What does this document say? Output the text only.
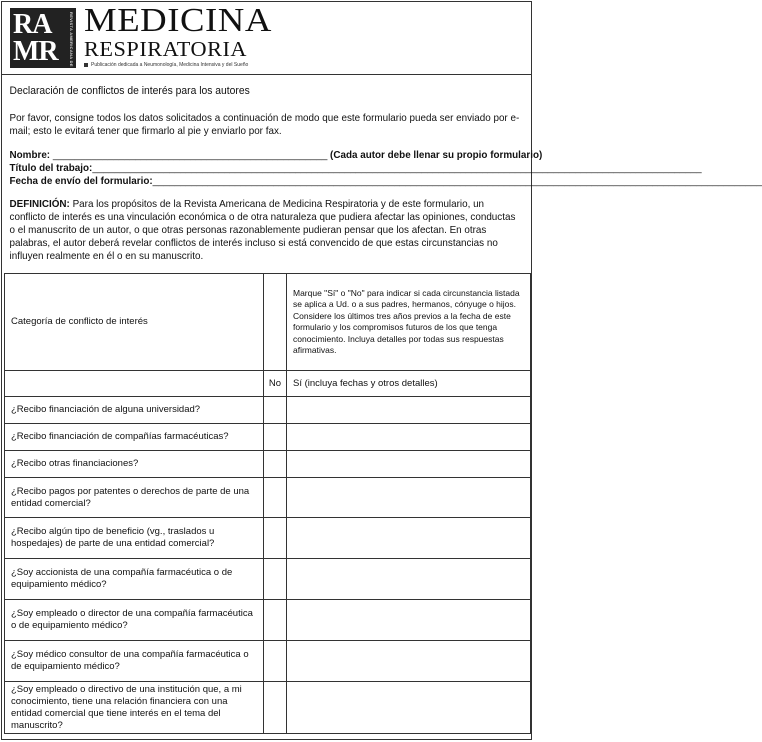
RA
MR	REVISTA AMERICANA DE MEDICINA
RESPIRATORIA
Publicación dedicada a Neumonología, Medicina Intensiva y del Sueño
Declaración de conflictos de interés para los autores
Por favor, consigne todos los datos solicitados a continuación de modo que este formulario pueda ser enviado por e-mail; esto le evitará tener que firmarlo al pie y enviarlo por fax.
Nombre: __________________________________________________ (Cada autor debe llenar su propio formulario)
Título del trabajo:_______________________________________________________________________________________________________________
Fecha de envío del formulario:_______________________________________________________________________________________________________________
DEFINICIÓN: Para los propósitos de la Revista Americana de Medicina Respiratoria y de este formulario, un conflicto de interés es una vinculación económica o de otra naturaleza que pudiera afectar las opiniones, conductas o el manuscrito de un autor, o que otras personas razonablemente pudieran pensar que los afectan. En otras palabras, el autor deberá revelar conflictos de interés incluso si está convencido de que estas circunstancias no influyen realmente en él o en su manuscrito.
Categoría de conflicto de interés		Marque "Sí" o "No" para indicar si cada circunstancia listada se aplica a Ud. o a sus padres, hermanos, cónyuge o hijos. Considere los últimos tres años previos a la fecha de este formulario y los compromisos futuros de los que tenga conocimiento. Incluya detalles por todas sus respuestas afirmativas.
	No	Sí (incluya fechas y otros detalles)
¿Recibo financiación de alguna universidad?		
¿Recibo financiación de compañías farmacéuticas?		
¿Recibo otras financiaciones?		
¿Recibo pagos por patentes o derechos de parte de una entidad comercial?		
¿Recibo algún tipo de beneficio (vg., traslados u hospedajes) de parte de una entidad comercial?		
¿Soy accionista de una compañía farmacéutica o de equipamiento médico?		
¿Soy empleado o director de una compañía farmacéutica o de equipamiento médico?		
¿Soy médico consultor de una compañía farmacéutica o de equipamiento médico?		
¿Soy empleado o directivo de una institución que, a mi conocimiento, tiene una relación financiera con una entidad comercial que tiene interés en el tema del manuscrito?		
